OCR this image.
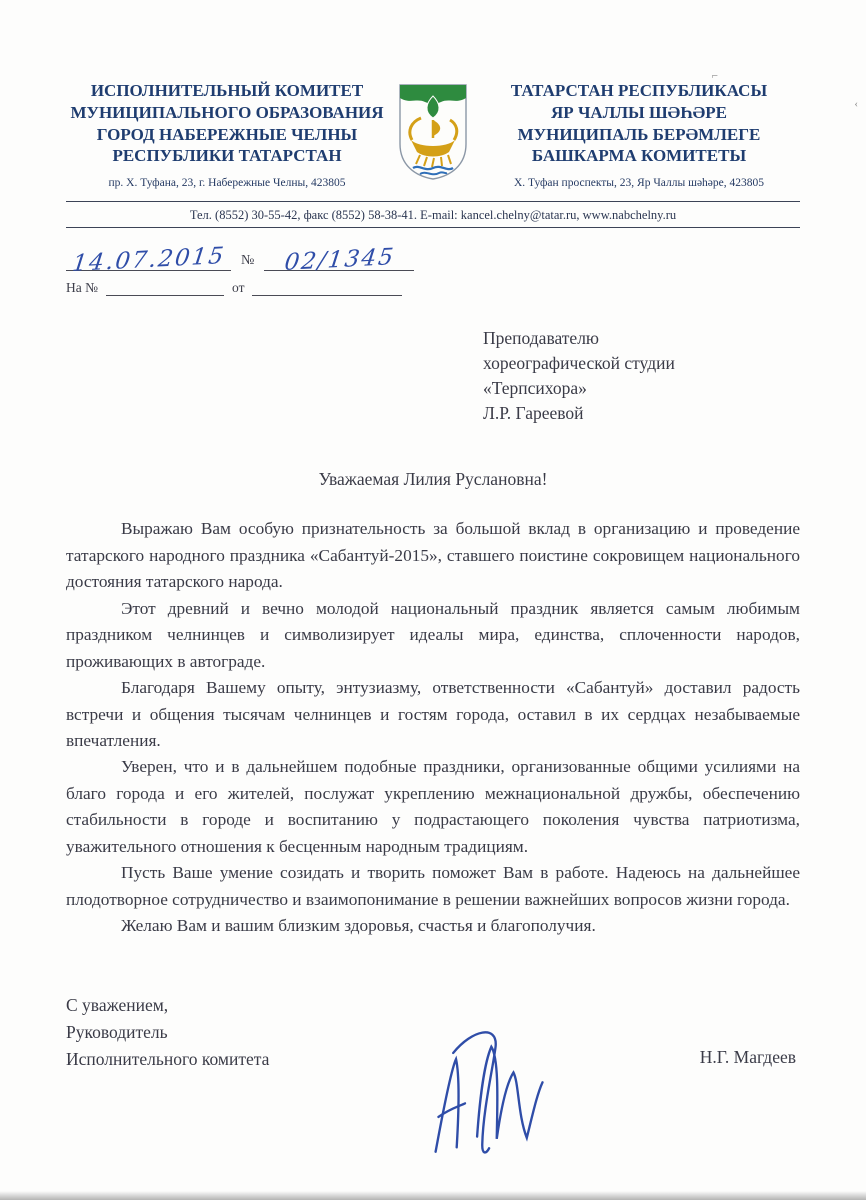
⌐
‹
ИСПОЛНИТЕЛЬНЫЙ КОМИТЕТ
МУНИЦИПАЛЬНОГО ОБРАЗОВАНИЯ
ГОРОД НАБЕРЕЖНЫЕ ЧЕЛНЫ
РЕСПУБЛИКИ ТАТАРСТАН
пр. Х. Туфана, 23, г. Набережные Челны, 423805
ТАТАРСТАН РЕСПУБЛИКАСЫ
ЯР ЧАЛЛЫ ШӘҺӘРЕ
МУНИЦИПАЛЬ БЕРӘМЛЕГЕ
БАШКАРМА КОМИТЕТЫ
Х. Туфан проспекты, 23, Яр Чаллы шәһәре, 423805
Тел. (8552) 30-55-42, факс (8552) 58-38-41. E-mail: kancel.chelny@tatar.ru, www.nabchelny.ru
14.07.2015	№	02/1345
На №
	от

Преподавателю
хореографической студии
«Терпсихора»
Л.Р. Гареевой
Уважаемая Лилия Руслановна!

Выражаю Вам особую признательность за большой вклад в организацию и проведение татарского народного праздника «Сабантуй-2015», ставшего поистине сокровищем национального достояния татарского народа.

Этот древний и вечно молодой национальный праздник является самым любимым праздником челнинцев и символизирует идеалы мира, единства, сплоченности народов, проживающих в автограде.

Благодаря Вашему опыту, энтузиазму, ответственности «Сабантуй» доставил радость встречи и общения тысячам челнинцев и гостям города, оставил в их сердцах незабываемые впечатления.

Уверен, что и в дальнейшем подобные праздники, организованные общими усилиями на благо города и его жителей, послужат укреплению межнациональной дружбы, обеспечению стабильности в городе и воспитанию у подрастающего поколения чувства патриотизма, уважительного отношения к бесценным народным традициям.

Пусть Ваше умение созидать и творить поможет Вам в работе. Надеюсь на дальнейшее плодотворное сотрудничество и взаимопонимание в решении важнейших вопросов жизни города.

Желаю Вам и вашим близким здоровья, счастья и благополучия.

С уважением,
Руководитель
Исполнительного комитета	Н.Г. Магдеев
